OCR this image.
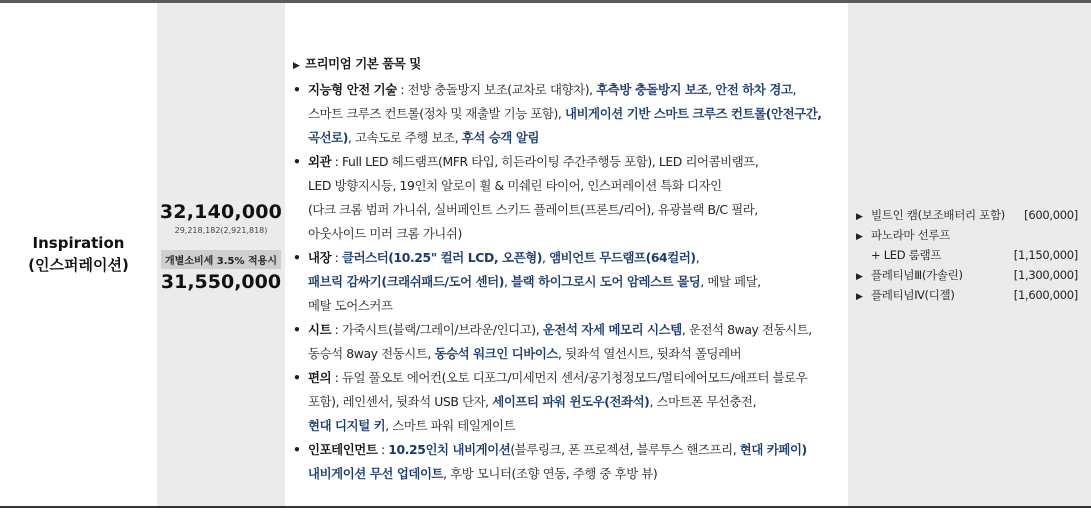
Inspiration
(인스퍼레이션)
32,140,000
29,218,182(2,921,818)
개별소비세 3.5% 적용시
31,550,000
▶ 프리미엄 기본 품목 및
• 지능형 안전 기술 : 전방 충돌방지 보조(교차로 대향차), 후측방 충돌방지 보조, 안전 하차 경고,
스마트 크루즈 컨트롤(정차 및 재출발 기능 포함), 내비게이션 기반 스마트 크루즈 컨트롤(안전구간,
곡선로), 고속도로 주행 보조, 후석 승객 알림
• 외관 : Full LED 헤드램프(MFR 타입, 히든라이팅 주간주행등 포함), LED 리어콤비램프,
LED 방향지시등, 19인치 알로이 휠 & 미쉐린 타이어, 인스퍼레이션 특화 디자인
(다크 크롬 범퍼 가니쉬, 실버페인트 스키드 플레이트(프론트/리어), 유광블랙 B/C 필라,
아웃사이드 미러 크롬 가니쉬)
• 내장 : 클러스터(10.25" 컬러 LCD, 오픈형), 앰비언트 무드램프(64컬러),
패브릭 감싸기(크래쉬패드/도어 센터), 블랙 하이그로시 도어 암레스트 몰딩, 메탈 페달,
메탈 도어스커프
• 시트 : 가죽시트(블랙/그레이/브라운/인디고), 운전석 자세 메모리 시스템, 운전석 8way 전동시트,
동승석 8way 전동시트, 동승석 워크인 디바이스, 뒷좌석 열선시트, 뒷좌석 폴딩레버
• 편의 : 듀얼 풀오토 에어컨(오토 디포그/미세먼지 센서/공기청정모드/멀티에어모드/애프터 블로우
포함), 레인센서, 뒷좌석 USB 단자, 세이프티 파워 윈도우(전좌석), 스마트폰 무선충전,
현대 디지털 키, 스마트 파워 테일게이트
• 인포테인먼트 : 10.25인치 내비게이션(블루링크, 폰 프로젝션, 블루투스 핸즈프리, 현대 카페이)
내비게이션 무선 업데이트, 후방 모니터(조향 연동, 주행 중 후방 뷰)
▶ 빌트인 캠(보조배터리 포함) [600,000]
▶ 파노라마 선루프
+ LED 룸램프	[1,150,000]
▶ 플레티넘Ⅲ(가솔린)	[1,300,000]
▶ 플레티넘Ⅳ(디젤)	[1,600,000]
